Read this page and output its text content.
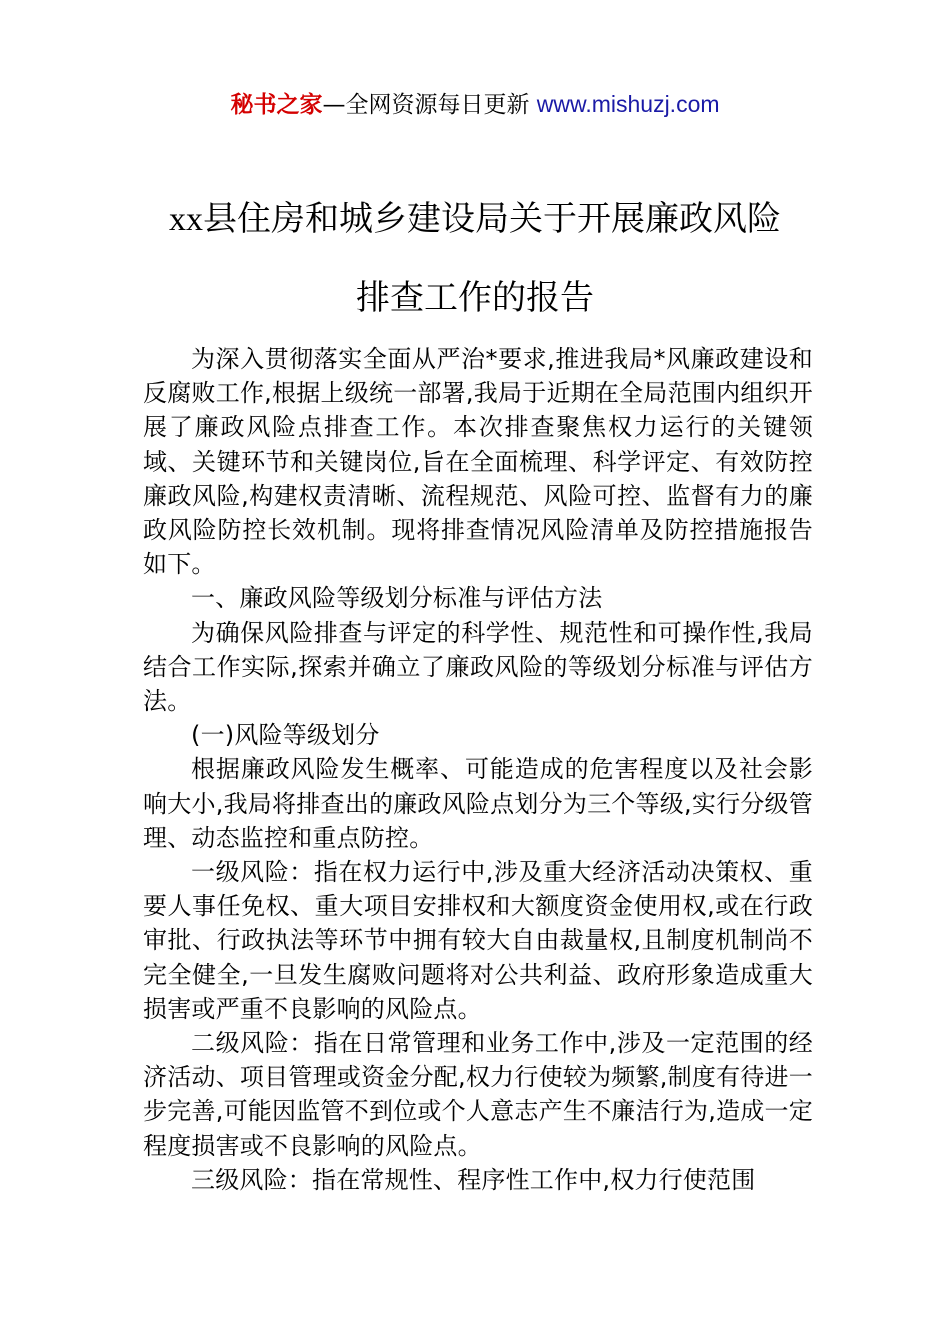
秘书之家—全网资源每日更新 www.mishuzj.com
xx县住房和城乡建设局关于开展廉政风险
排查工作的报告

为深入贯彻落实全面从严治*要求,推进我局*风廉政建设和反腐败工作,根据上级统一部署,我局于近期在全局范围内组织开展了廉政风险点排查工作。本次排查聚焦权力运行的关键领域、关键环节和关键岗位,旨在全面梳理、科学评定、有效防控廉政风险,构建权责清晰、流程规范、风险可控、监督有力的廉政风险防控长效机制。现将排查情况风险清单及防控措施报告如下。

一、廉政风险等级划分标准与评估方法

为确保风险排查与评定的科学性、规范性和可操作性,我局结合工作实际,探索并确立了廉政风险的等级划分标准与评估方法。

(一)风险等级划分

根据廉政风险发生概率、可能造成的危害程度以及社会影响大小,我局将排查出的廉政风险点划分为三个等级,实行分级管理、动态监控和重点防控。

一级风险：指在权力运行中,涉及重大经济活动决策权、重要人事任免权、重大项目安排权和大额度资金使用权,或在行政审批、行政执法等环节中拥有较大自由裁量权,且制度机制尚不完全健全,一旦发生腐败问题将对公共利益、政府形象造成重大损害或严重不良影响的风险点。

二级风险：指在日常管理和业务工作中,涉及一定范围的经济活动、项目管理或资金分配,权力行使较为频繁,制度有待进一步完善,可能因监管不到位或个人意志产生不廉洁行为,造成一定程度损害或不良影响的风险点。

三级风险：指在常规性、程序性工作中,权力行使范围
